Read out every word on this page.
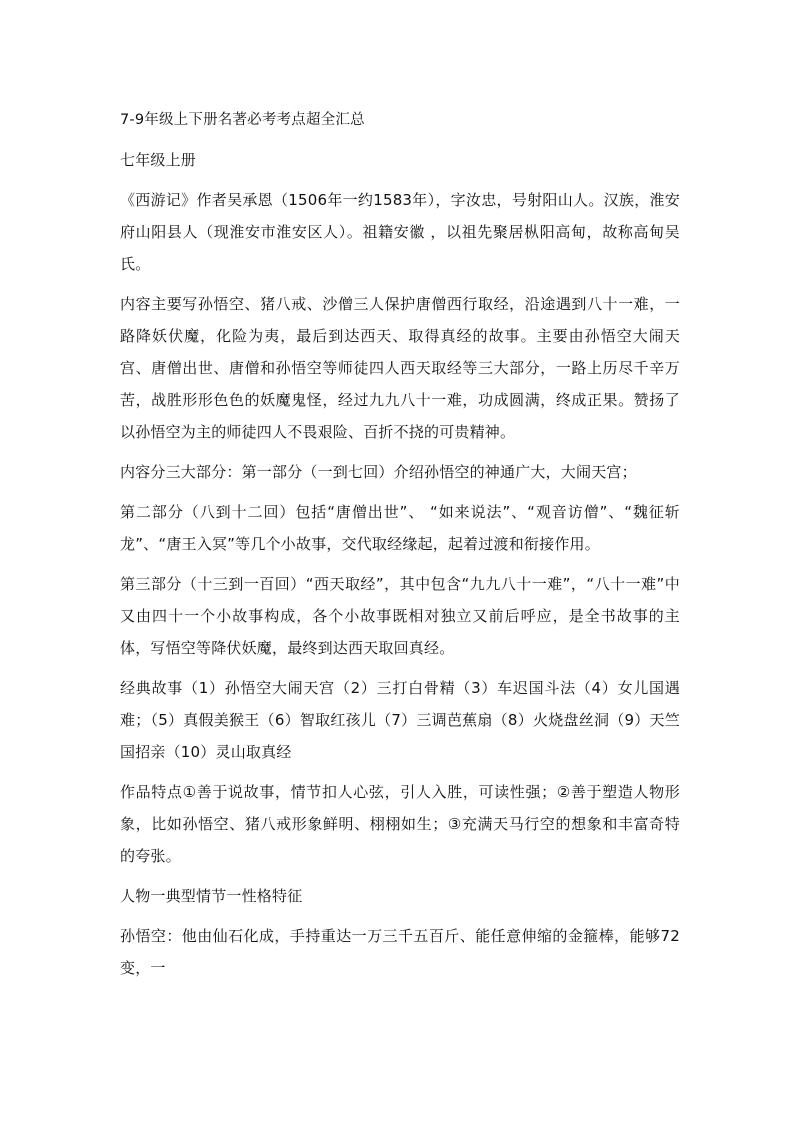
7-9年级上下册名著必考考点超全汇总

七年级上册

《西游记》作者吴承恩（1506年一约1583年），字汝忠，号射阳山人。汉族，淮安府山阳县人（现淮安市淮安区人）。祖籍安徽 ，以祖先聚居枞阳高甸，故称高甸吴氏。

内容主要写孙悟空、猪八戒、沙僧三人保护唐僧西行取经，沿途遇到八十一难，一路降妖伏魔，化险为夷，最后到达西天、取得真经的故事。主要由孙悟空大闹天宫、唐僧出世、唐僧和孙悟空等师徒四人西天取经等三大部分，一路上历尽千辛万苦，战胜形形色色的妖魔鬼怪，经过九九八十一难，功成圆满，终成正果。赞扬了以孙悟空为主的师徒四人不畏艰险、百折不挠的可贵精神。

内容分三大部分：第一部分（一到七回）介绍孙悟空的神通广大，大闹天宫；

第二部分（八到十二回）包括“唐僧出世”、 “如来说法”、“观音访僧”、“魏征斩龙”、“唐王入冥”等几个小故事，交代取经缘起，起着过渡和衔接作用。

第三部分（十三到一百回）“西天取经”，其中包含“九九八十一难”，“八十一难”中又由四十一个小故事构成，各个小故事既相对独立又前后呼应，是全书故事的主体，写悟空等降伏妖魔，最终到达西天取回真经。

经典故事（1）孙悟空大闹天宫（2）三打白骨精（3）车迟国斗法（4）女儿国遇难；（5）真假美猴王（6）智取红孩儿（7）三调芭蕉扇（8）火烧盘丝洞（9）天竺国招亲（10）灵山取真经

作品特点①善于说故事，情节扣人心弦，引人入胜，可读性强；②善于塑造人物形象，比如孙悟空、猪八戒形象鲜明、栩栩如生；③充满天马行空的想象和丰富奇特的夸张。

人物一典型情节一性格特征

孙悟空：他由仙石化成，手持重达一万三千五百斤、能任意伸缩的金箍棒，能够72变，一
